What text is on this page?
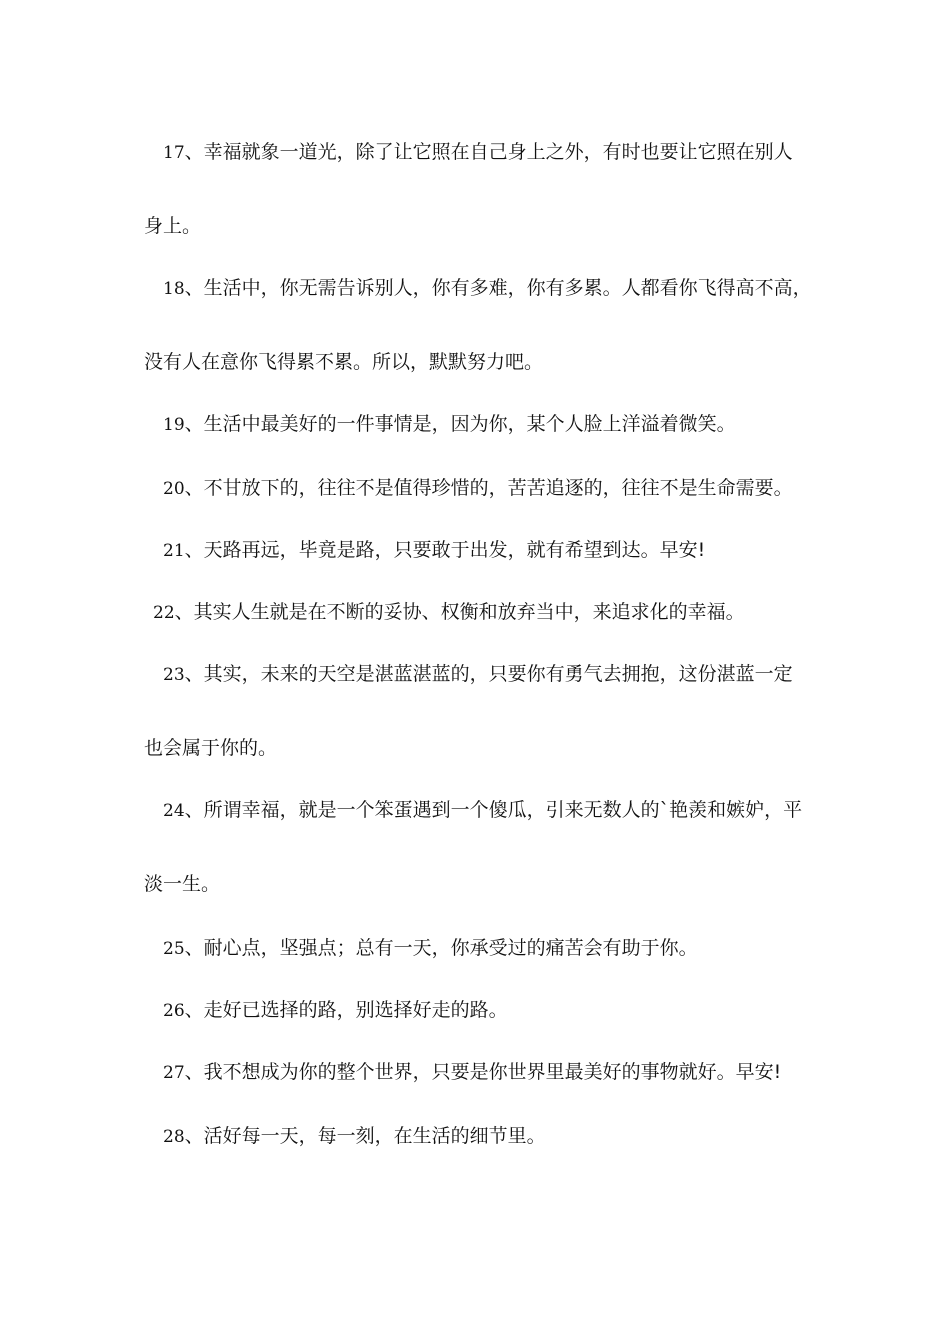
17、幸福就象一道光，除了让它照在自己身上之外，有时也要让它照在别人
身上。
18、生活中，你无需告诉别人，你有多难，你有多累。人都看你飞得高不高，
没有人在意你飞得累不累。所以，默默努力吧。
19、生活中最美好的一件事情是，因为你，某个人脸上洋溢着微笑。
20、不甘放下的，往往不是值得珍惜的，苦苦追逐的，往往不是生命需要。
21、天路再远，毕竟是路，只要敢于出发，就有希望到达。早安!
22、其实人生就是在不断的妥协、权衡和放弃当中，来追求化的幸福。
23、其实，未来的天空是湛蓝湛蓝的，只要你有勇气去拥抱，这份湛蓝一定
也会属于你的。
24、所谓幸福，就是一个笨蛋遇到一个傻瓜，引来无数人的`艳羡和嫉妒，平
淡一生。
25、耐心点，坚强点；总有一天，你承受过的痛苦会有助于你。
26、走好已选择的路，别选择好走的路。
27、我不想成为你的整个世界，只要是你世界里最美好的事物就好。早安!
28、活好每一天，每一刻，在生活的细节里。
